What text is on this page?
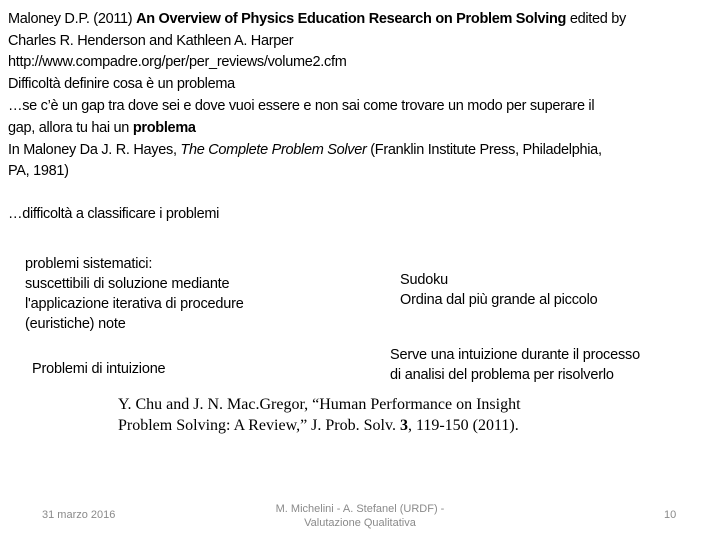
Maloney D.P. (2011) An Overview of Physics Education Research on Problem Solving edited by
Charles R. Henderson and Kathleen A. Harper
http://www.compadre.org/per/per_reviews/volume2.cfm
Difficoltà definire cosa è un problema
…se c’è un gap tra dove sei e dove vuoi essere e non sai come trovare un modo per superare il
gap, allora tu hai un problema
In Maloney Da J. R. Hayes, The Complete Problem Solver (Franklin Institute Press, Philadelphia,
PA, 1981)
…difficoltà a classificare i problemi
problemi sistematici:
suscettibili di soluzione mediante
l'applicazione iterativa di procedure
(euristiche) note
Sudoku
Ordina dal più grande al piccolo
Problemi di intuizione
Serve una intuizione durante il processo
di analisi del problema per risolverlo
Y. Chu and J. N. Mac.Gregor, “Human Performance on Insight
Problem Solving: A Review,” J. Prob. Solv. 3, 119-150 (2011).
31 marzo 2016	M. Michelini - A. Stefanel (URDF) -
Valutazione Qualitativa
10
